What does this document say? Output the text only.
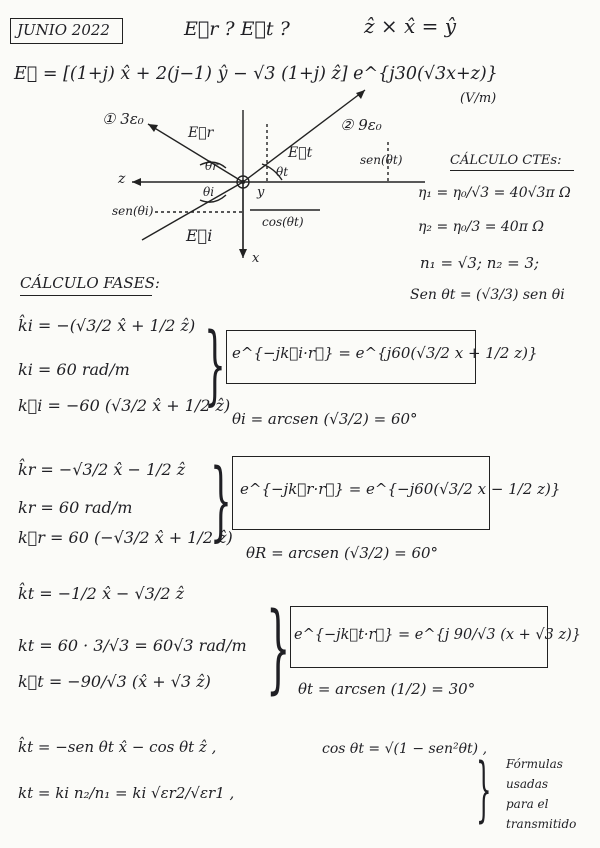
JUNIO 2022	E⃗r ? E⃗t ?	ẑ × x̂ = ŷ
E⃗ = [(1+j) x̂ + 2(j−1) ŷ − √3 (1+j) ẑ] e^{j30(√3x+z)}
(V/m)
① 3ε₀	② 9ε₀
E⃗r
E⃗t
E⃗i
θr
θi
θt
z
y
x
sen(θt)
sen(θi)
cos(θt)
CÁLCULO CTEs:
η₁ = η₀/√3 = 40√3π Ω
η₂ = η₀/3 = 40π Ω
n₁ = √3; n₂ = 3;
Sen θt = (√3/3) sen θi
CÁLCULO FASES:
k̂i = −(√3/2 x̂ + 1/2 ẑ)
ki = 60 rad/m
k⃗i = −60 (√3/2 x̂ + 1/2 ẑ)
} e^{−jk⃗i·r⃗} = e^{j60(√3/2 x + 1/2 z)}
θi = arcsen (√3/2) = 60°
k̂r = −√3/2 x̂ − 1/2 ẑ
kr = 60 rad/m
k⃗r = 60 (−√3/2 x̂ + 1/2 ẑ)
} e^{−jk⃗r·r⃗} = e^{−j60(√3/2 x − 1/2 z)}
θR = arcsen (√3/2) = 60°
k̂t = −1/2 x̂ − √3/2 ẑ
kt = 60 · 3/√3 = 60√3 rad/m
k⃗t = −90/√3 (x̂ + √3 ẑ) } e^{−jk⃗t·r⃗} = e^{j 90/√3 (x + √3 z)}
θt = arcsen (1/2) = 30°
k̂t = −sen θt x̂ − cos θt ẑ ,	cos θt = √(1 − sen²θt) ,
kt = ki n₂/n₁ = ki √εr2/√εr1 ,	} Fórmulas
usadas
para el
transmitido
